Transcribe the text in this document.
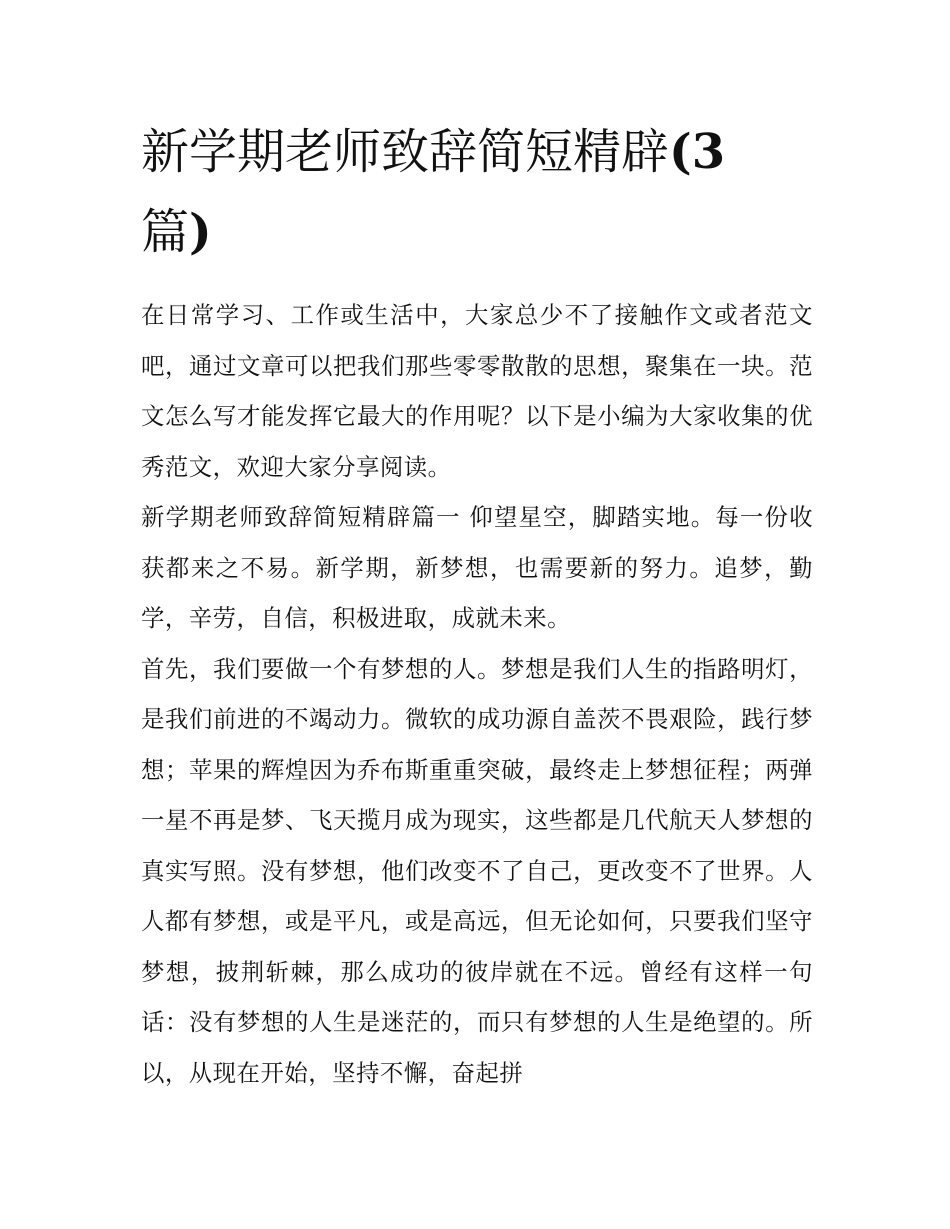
新学期老师致辞简短精辟(3
篇)

在日常学习、工作或生活中，大家总少不了接触作文或者范文吧，通过文章可以把我们那些零零散散的思想，聚集在一块。范文怎么写才能发挥它最大的作用呢？以下是小编为大家收集的优秀范文，欢迎大家分享阅读。

新学期老师致辞简短精辟篇一 仰望星空，脚踏实地。每一份收获都来之不易。新学期，新梦想，也需要新的努力。追梦，勤学，辛劳，自信，积极进取，成就未来。

首先，我们要做一个有梦想的人。梦想是我们人生的指路明灯，是我们前进的不竭动力。微软的成功源自盖茨不畏艰险，践行梦想；苹果的辉煌因为乔布斯重重突破，最终走上梦想征程；两弹一星不再是梦、飞天揽月成为现实，这些都是几代航天人梦想的真实写照。没有梦想，他们改变不了自己，更改变不了世界。人人都有梦想，或是平凡，或是高远，但无论如何，只要我们坚守梦想，披荆斩棘，那么成功的彼岸就在不远。曾经有这样一句话：没有梦想的人生是迷茫的，而只有梦想的人生是绝望的。所以，从现在开始，坚持不懈，奋起拼
